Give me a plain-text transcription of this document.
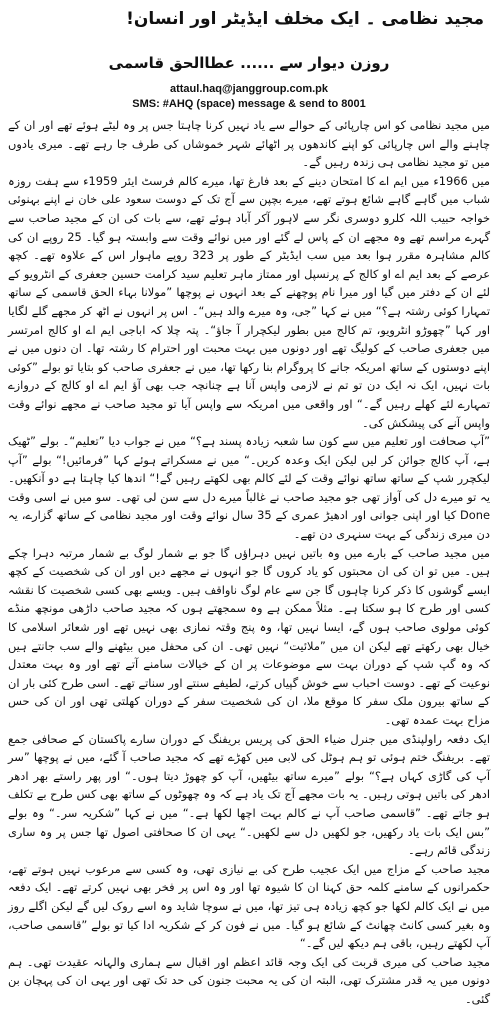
مجید نظامی ۔ ایک مخلف ایڈیٹر اور انسان!
روزن دیوار سے ...... عطاالحق قاسمی
attaul.haq@janggroup.com.pk
SMS: #AHQ (space) message & send to 8001

میں مجید نظامی کو اس چارپائی کے حوالے سے یاد نہیں کرنا چاہتا جس پر وہ لیٹے ہوئے تھے اور ان کے چاہنے والے اس چارپائی کو اپنے کاندھوں پر اٹھائے شہر خموشاں کی طرف جا رہے تھے۔ میری یادوں میں تو مجید نظامی ہی زندہ رہیں گے۔

میں 1966ء میں ایم اے کا امتحان دینے کے بعد فارغ تھا، میرے کالم فرسٹ ایئر 1959ء سے ہفت روزہ شباب میں گاہے گاہے شائع ہوتے تھے، میرے بچپن سے آج تک کے دوست سعود علی خان نے اپنے بہنوئی خواجہ حبیب اللہ کلرو دوسری نگر سے لاہور آکر آباد ہوئے تھے، سے بات کی ان کے مجید صاحب سے گہرے مراسم تھے وہ مجھے ان کے پاس لے گئے اور میں نوائے وقت سے وابستہ ہو گیا۔ 25 روپے ان کی کالم مشاہرہ مقرر ہوا بعد میں سب ایڈیٹر کے طور پر 323 روپے ماہوار اس کے علاوہ تھے۔ کچھ عرصے کے بعد ایم اے او کالج کے پرنسپل اور ممتاز ماہر تعلیم سید کرامت حسین جعفری کے انٹرویو کے لئے ان کے دفتر میں گیا اور میرا نام پوچھنے کے بعد انہوں نے پوچھا ”مولانا بہاء الحق قاسمی کے ساتھ تمہارا کوئی رشتہ ہے؟“ میں نے کہا ”جی، وہ میرے والد ہیں“۔ اس پر انہوں نے اٹھ کر مجھے گلے لگایا اور کہا ”چھوڑو انٹرویو، تم کالج میں بطور لیکچرار آ جاؤ“۔ پتہ چلا کہ اباجی ایم اے او کالج امرتسر میں جعفری صاحب کے کولیگ تھے اور دونوں میں بہت محبت اور احترام کا رشتہ تھا۔ ان دنوں میں نے اپنے دوستوں کے ساتھ امریکہ جانے کا پروگرام بنا رکھا تھا، میں نے جعفری صاحب کو بتایا تو بولے ”کوئی بات نہیں، ایک نہ ایک دن تو تم نے لازمی واپس آنا ہے چنانچہ جب بھی آؤ ایم اے او کالج کے دروازے تمہارے لئے کھلے رہیں گے۔“ اور واقعی میں امریکہ سے واپس آیا تو مجید صاحب نے مجھے نوائے وقت واپس آنے کی پیشکش کی۔

”آپ صحافت اور تعلیم میں سے کون سا شعبہ زیادہ پسند ہے؟“ میں نے جواب دیا ”تعلیم“۔ بولے ”ٹھیک ہے، آپ کالج جوائن کر لیں لیکن ایک وعدہ کریں۔“ میں نے مسکراتے ہوئے کہا ”فرمائیں!“ بولے ”آپ لیکچرر شپ کے ساتھ ساتھ نوائے وقت کے لئے کالم بھی لکھتے رہیں گے!“ اندھا کیا چاہتا ہے دو آنکھیں۔ یہ تو میرے دل کی آواز تھی جو مجید صاحب نے غالباً میرے دل سے سن لی تھی۔ سو میں نے اسی وقت Done کیا اور اپنی جوانی اور ادھیڑ عمری کے 35 سال نوائے وقت اور مجید نظامی کے ساتھ گزارے، یہ دن میری زندگی کے بہت سنہری دن تھے۔

میں مجید صاحب کے بارے میں وہ باتیں نہیں دہراؤں گا جو بے شمار لوگ بے شمار مرتبہ دہرا چکے ہیں۔ میں تو ان کی ان محبتوں کو یاد کروں گا جو انہوں نے مجھے دیں اور ان کی شخصیت کے کچھ ایسے گوشوں کا ذکر کرنا چاہوں گا جن سے عام لوگ ناواقف ہیں۔ ویسے بھی کسی شخصیت کا نقشہ کسی اور طرح کا ہو سکتا ہے۔ مثلاً ممکن ہے وہ سمجھتے ہوں کہ مجید صاحب داڑھی مونچھ منڈے کوئی مولوی صاحب ہوں گے، ایسا نہیں تھا، وہ پنج وقتہ نمازی بھی نہیں تھے اور شعائر اسلامی کا خیال بھی رکھتے تھے لیکن ان میں ”ملائیت“ نہیں تھی۔ ان کی محفل میں بیٹھنے والے سب جانتے ہیں کہ وہ گپ شپ کے دوران بہت سے موضوعات پر ان کے خیالات سامنے آتے تھے اور وہ بہت معتدل نوعیت کے تھے۔ دوست احباب سے خوش گپیاں کرتے، لطیفے سنتے اور سناتے تھے۔ اسی طرح کئی بار ان کے ساتھ بیرون ملک سفر کا موقع ملا، ان کی شخصیت سفر کے دوران کھلتی تھی اور ان کی حس مزاح بہت عمدہ تھی۔

ایک دفعہ راولپنڈی میں جنرل ضیاء الحق کی پریس بریفنگ کے دوران سارے پاکستان کے صحافی جمع تھے۔ بریفنگ ختم ہوئی تو ہم ہوٹل کی لابی میں کھڑے تھے کہ مجید صاحب آ گئے، میں نے پوچھا ”سر آپ کی گاڑی کہاں ہے؟“ بولے ”میرے ساتھ بیٹھیں، آپ کو چھوڑ دیتا ہوں۔“ اور پھر راستے بھر ادھر ادھر کی باتیں ہوتی رہیں۔ یہ بات مجھے آج تک یاد ہے کہ وہ چھوٹوں کے ساتھ بھی کس طرح بے تکلف ہو جاتے تھے۔ ”قاسمی صاحب آپ نے کالم بہت اچھا لکھا ہے۔“ میں نے کہا ”شکریہ سر۔“ وہ بولے ”بس ایک بات یاد رکھیں، جو لکھیں دل سے لکھیں۔“ یہی ان کا صحافتی اصول تھا جس پر وہ ساری زندگی قائم رہے۔

مجید صاحب کے مزاج میں ایک عجیب طرح کی بے نیازی تھی، وہ کسی سے مرعوب نہیں ہوتے تھے، حکمرانوں کے سامنے کلمہ حق کہنا ان کا شیوہ تھا اور وہ اس پر فخر بھی نہیں کرتے تھے۔ ایک دفعہ میں نے ایک کالم لکھا جو کچھ زیادہ ہی تیز تھا، میں نے سوچا شاید وہ اسے روک لیں گے لیکن اگلے روز وہ بغیر کسی کانٹ چھانٹ کے شائع ہو گیا۔ میں نے فون کر کے شکریہ ادا کیا تو بولے ”قاسمی صاحب، آپ لکھتے رہیں، باقی ہم دیکھ لیں گے۔“

مجید صاحب کی میری قربت کی ایک وجہ قائد اعظم اور اقبال سے ہماری والہانہ عقیدت تھی۔ ہم دونوں میں یہ قدر مشترک تھی، البتہ ان کی یہ محبت جنون کی حد تک تھی اور یہی ان کی پہچان بن گئی۔
